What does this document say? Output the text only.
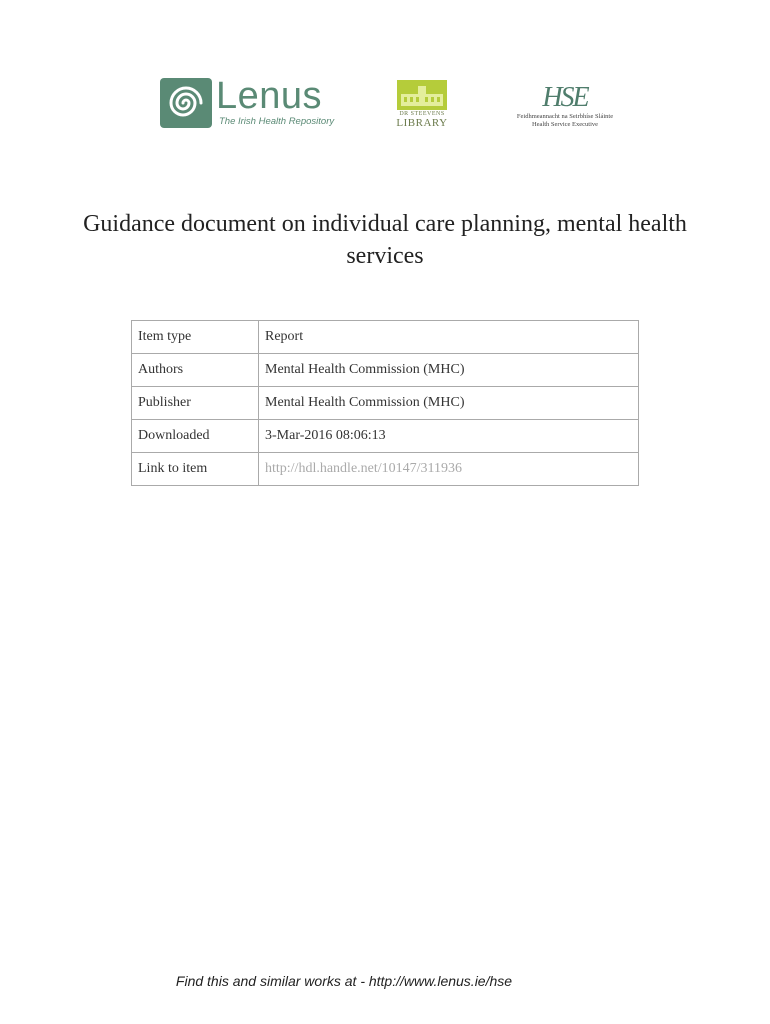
Lenus
The Irish Health Repository
DR STEEVENS
LIBRARY
HSE
Feidhmeannacht na Seirbhíse Sláinte
Health Service Executive
Guidance document on individual care planning, mental health services
Item type	Report
Authors	Mental Health Commission (MHC)
Publisher	Mental Health Commission (MHC)
Downloaded	3-Mar-2016 08:06:13
Link to item	http://hdl.handle.net/10147/311936
Find this and similar works at - http://www.lenus.ie/hse
